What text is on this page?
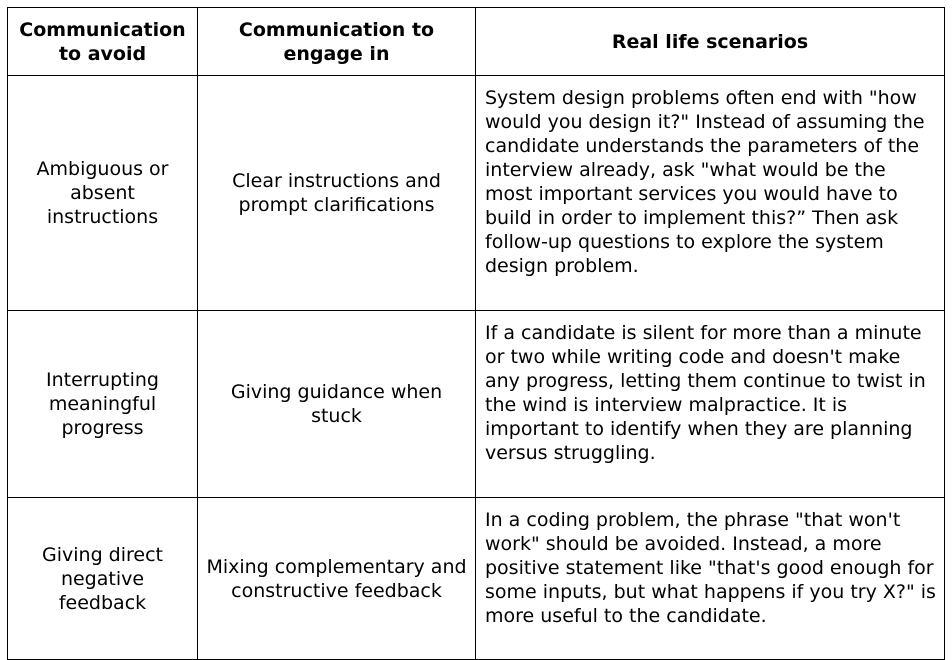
Communication to avoid	Communication to engage in	Real life scenarios
Ambiguous or absent instructions	Clear instructions and prompt clarifications	System design problems often end with "how would you design it?" Instead of assuming the candidate understands the parameters of the interview already, ask "what would be the most important services you would have to build in order to implement this?” Then ask follow-up questions to explore the system design problem.
Interrupting meaningful progress	Giving guidance when stuck	If a candidate is silent for more than a minute or two while writing code and doesn't make any progress, letting them continue to twist in the wind is interview malpractice. It is important to identify when they are planning versus struggling.
Giving direct negative feedback	Mixing complementary and constructive feedback	In a coding problem, the phrase "that won't work" should be avoided. Instead, a more positive statement like "that's good enough for some inputs, but what happens if you try X?" is more useful to the candidate.
